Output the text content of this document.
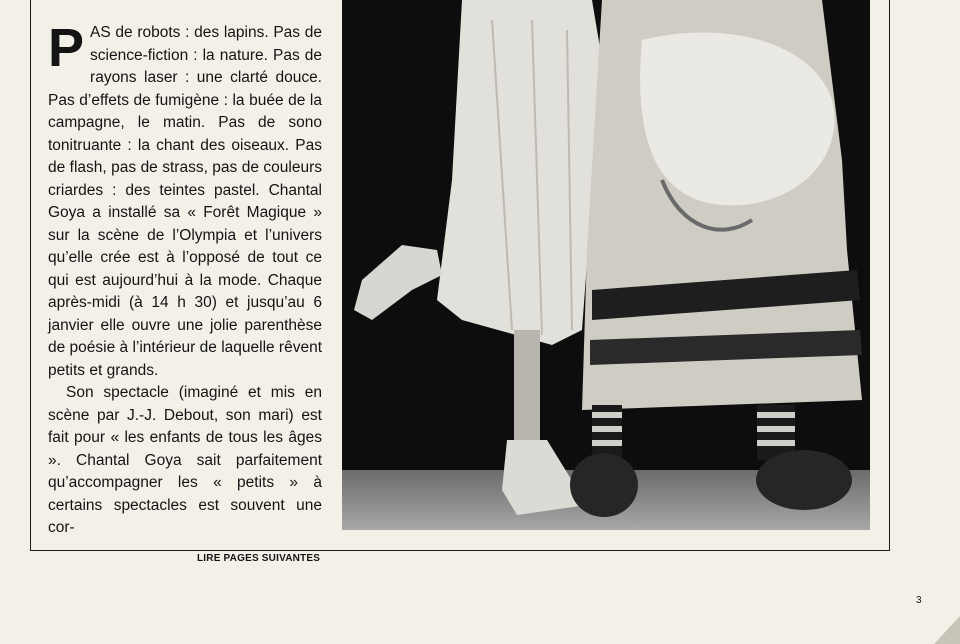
P AS de robots : des lapins. Pas de science-fiction : la nature. Pas de rayons laser : une clarté douce. Pas d’effets de fumigène : la buée de la campagne, le matin. Pas de sono tonitruante : la chant des oiseaux. Pas de flash, pas de strass, pas de couleurs criardes : des teintes pastel. Chantal Goya a installé sa « Forêt Magique » sur la scène de l’Olympia et l’univers qu’elle crée est à l’opposé de tout ce qui est aujourd’hui à la mode. Chaque après-midi (à 14 h 30) et jusqu’au 6 janvier elle ouvre une jolie parenthèse de poésie à l’intérieur de laquelle rêvent petits et grands.

Son spectacle (imaginé et mis en scène par J.-J. Debout, son mari) est fait pour « les enfants de tous les âges ». Chantal Goya sait parfaitement qu’accompagner les « petits » à certains spectacles est souvent une cor-

LIRE PAGES SUIVANTES
3
